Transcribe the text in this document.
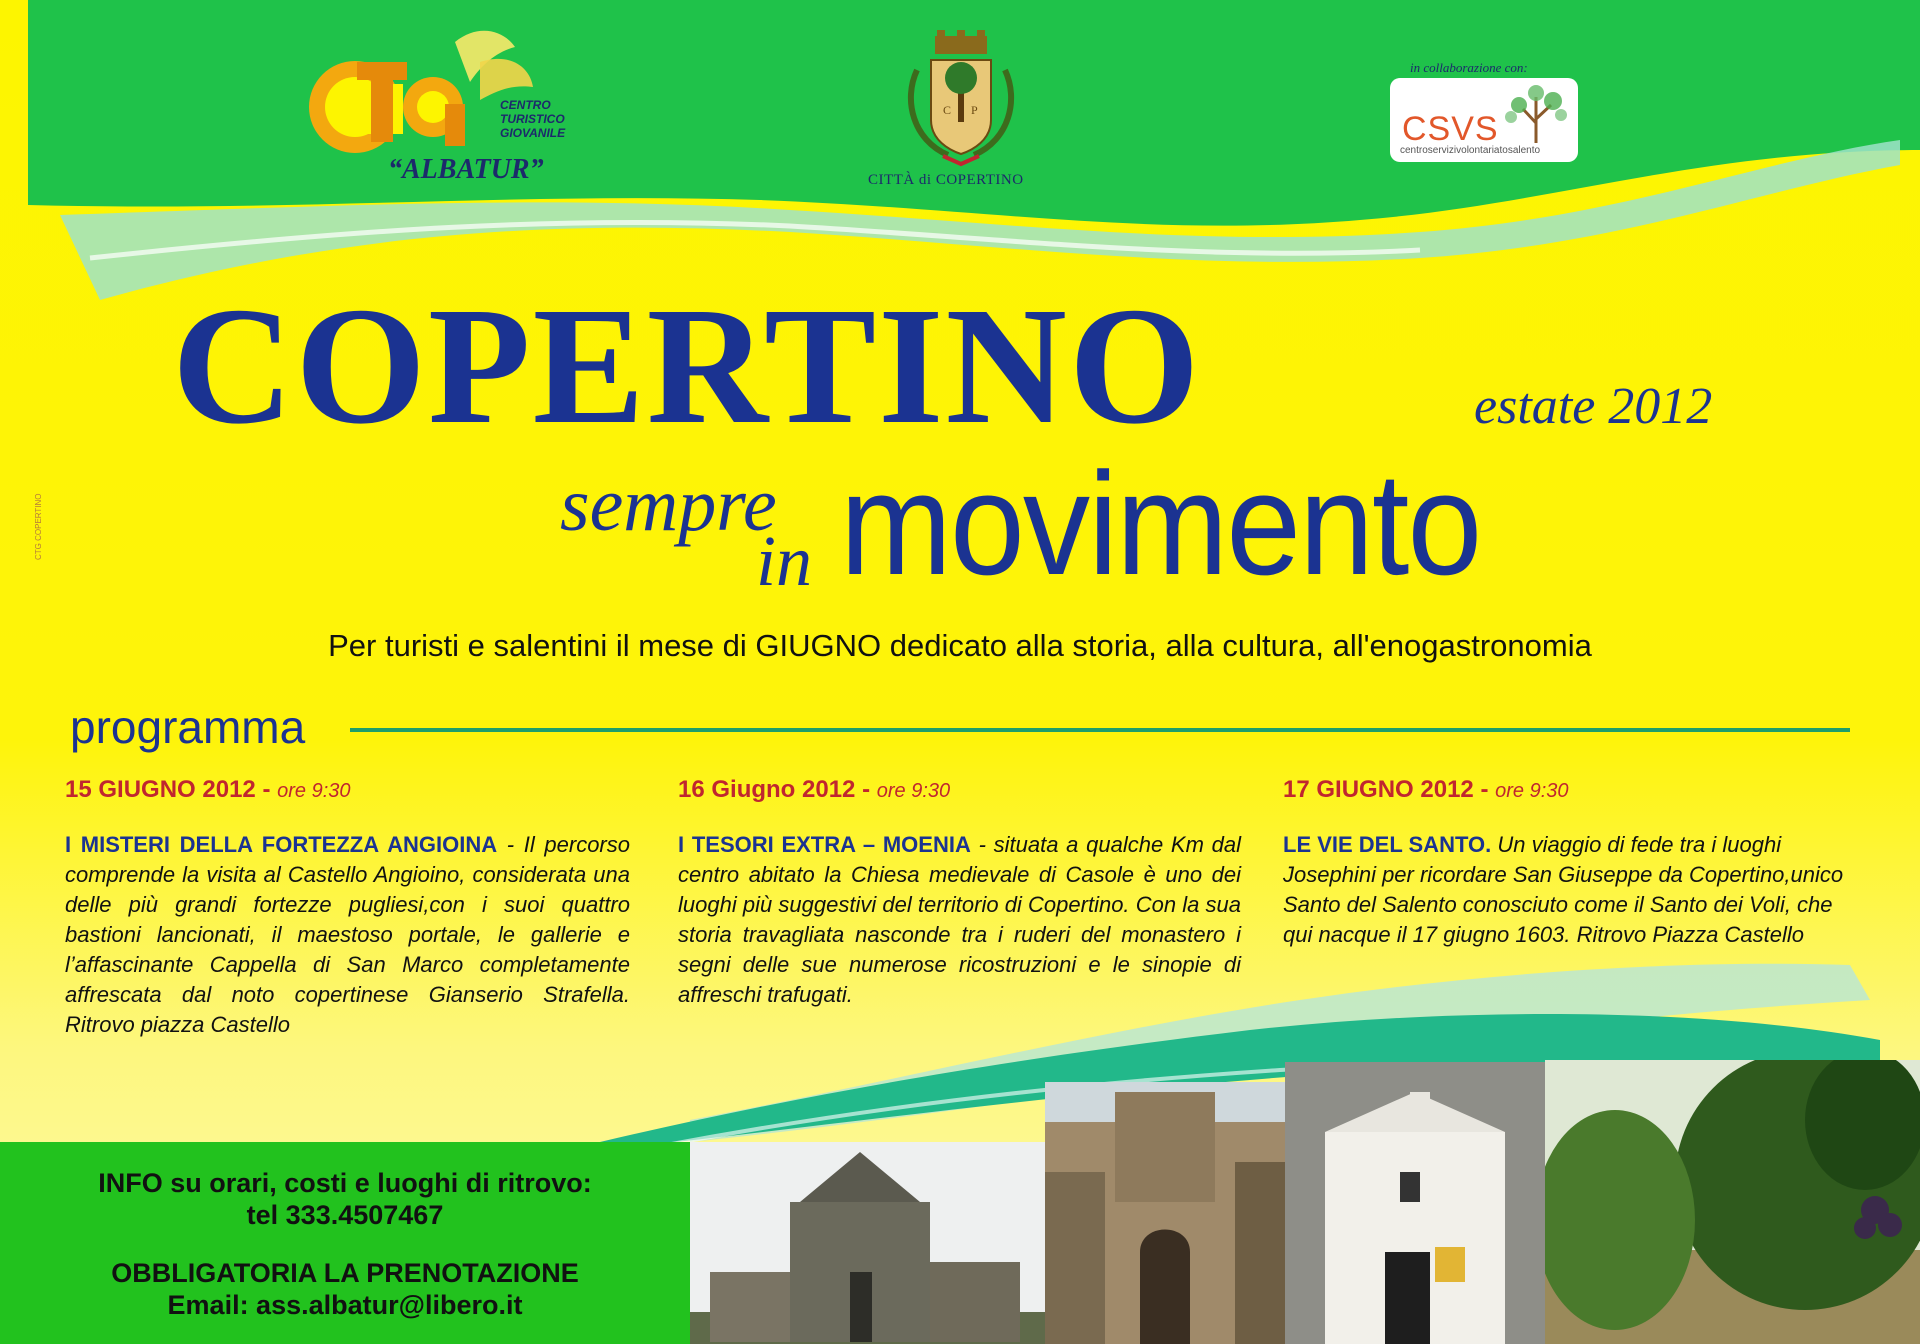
CENTRO
TURISTICO
GIOVANILE
“ALBATUR”
C P
CITTÀ di COPERTINO
in collaborazione con:
CSVS
centroservizivolontariatosalento
CTG COPERTINO
COPERTINO	estate 2012
sempre
in movimento
Per turisti e salentini il mese di GIUGNO dedicato alla storia, alla cultura, all'enogastronomia
programma
15 GIUGNO 2012 - ore 9:30
I MISTERI DELLA FORTEZZA ANGIOINA - Il percorso comprende la visita al Castello Angioino, considerata una delle più grandi fortezze pugliesi,con i suoi quattro bastioni lancionati, il maestoso portale, le gallerie e l’affascinante Cappella di San Marco completamente affrescata dal noto copertinese Gianserio Strafella. Ritrovo piazza Castello
16 Giugno 2012 - ore 9:30
I TESORI EXTRA – MOENIA - situata a qualche Km dal centro abitato la Chiesa medievale di Casole è uno dei luoghi più suggestivi del territorio di Copertino. Con la sua storia travagliata nasconde tra i ruderi del monastero i segni delle sue numerose ricostruzioni e le sinopie di affreschi trafugati.
17 GIUGNO 2012 - ore 9:30
LE VIE DEL SANTO. Un viaggio di fede tra i luoghi Josephini per ricordare San Giuseppe da Copertino,unico Santo del Salento conosciuto come il Santo dei Voli, che qui nacque il 17 giugno 1603. Ritrovo Piazza Castello
INFO su orari, costi e luoghi di ritrovo:
tel 333.4507467
OBBLIGATORIA LA PRENOTAZIONE
Email: ass.albatur@libero.it
